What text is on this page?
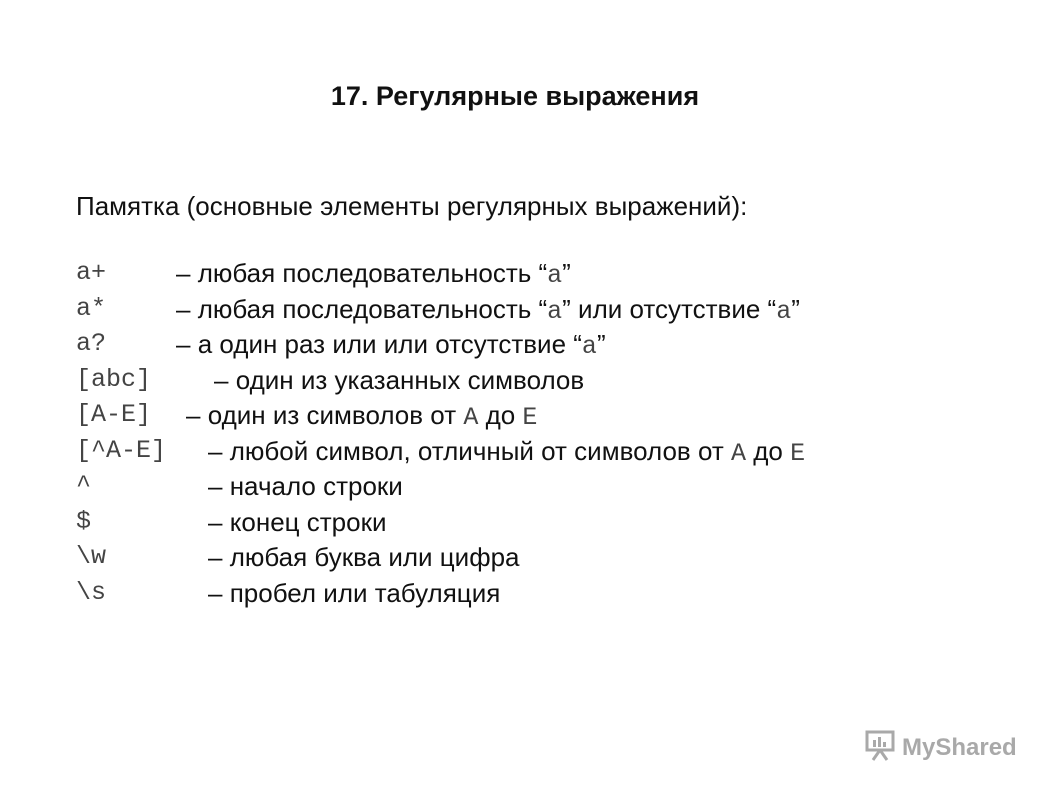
17. Регулярные выражения
Памятка (основные элементы регулярных выражений):
a+	– любая последовательность “a”
a*	– любая последовательность “a” или отсутствие “a”
a?	– а один раз или или отсутствие “a”
[abc] – один из указанных символов
[A-E] – один из символов от A до E
[^A-E] – любой символ, отличный от символов от A до E
^	– начало строки
$	– конец строки
\w	– любая буква или цифра
\s	– пробел или табуляция
MyShared
